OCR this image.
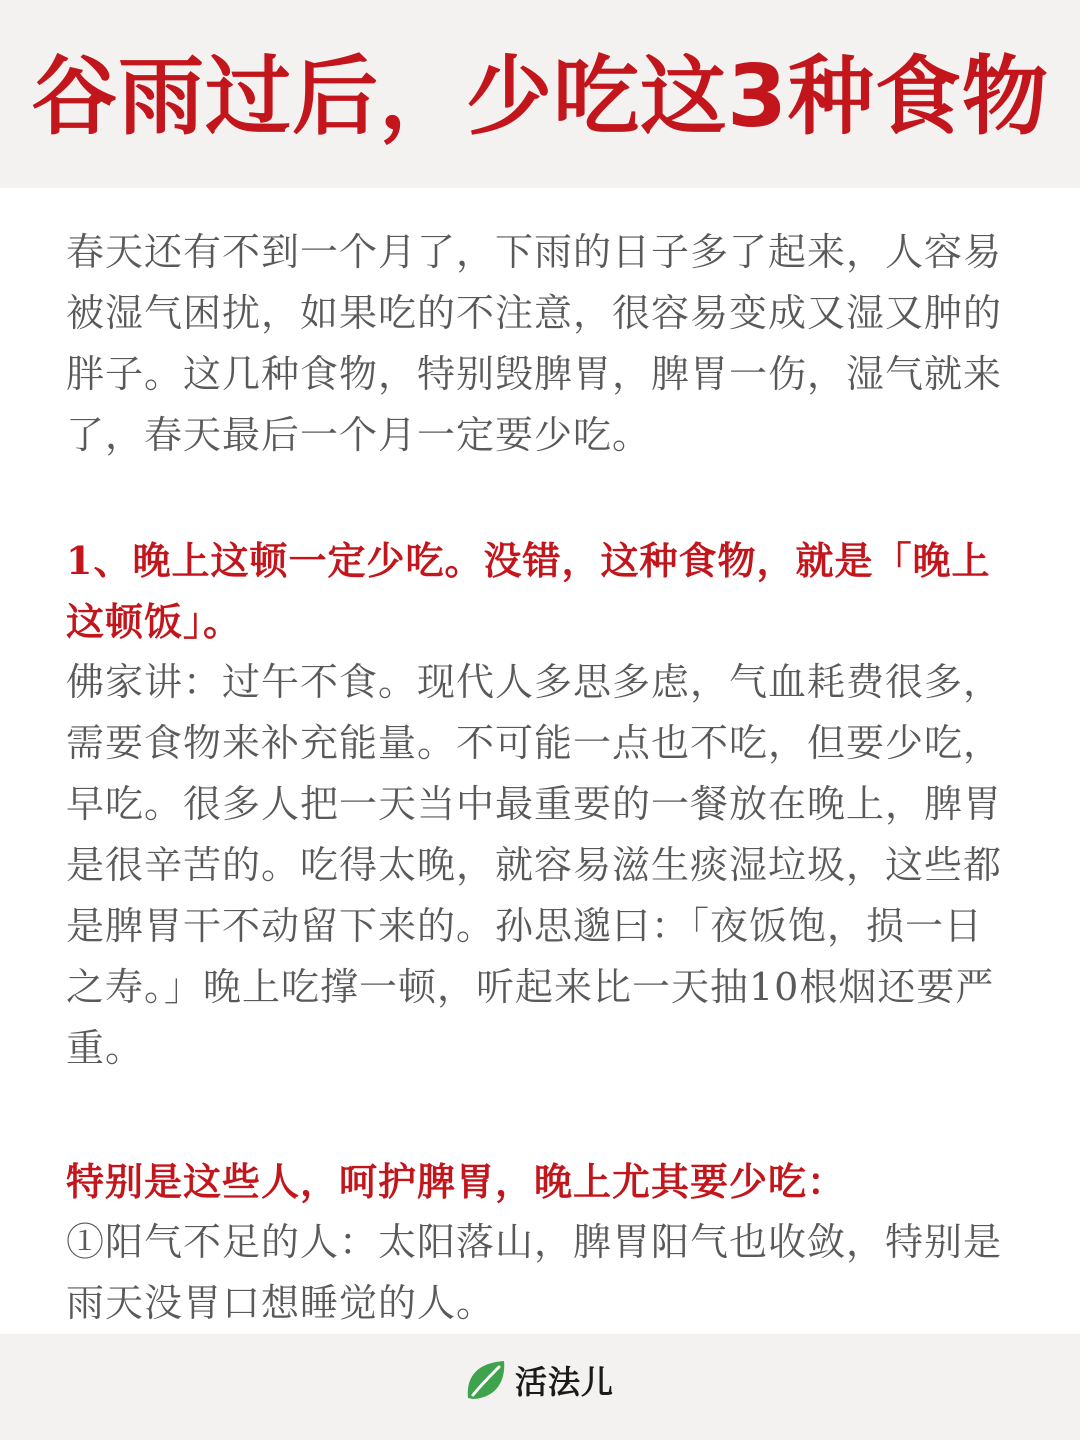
谷雨过后，少吃这3种食物

春天还有不到一个月了，下雨的日子多了起来，人容易被湿气困扰，如果吃的不注意，很容易变成又湿又肿的胖子。这几种食物，特别毁脾胃，脾胃一伤，湿气就来了，春天最后一个月一定要少吃。

1、晚上这顿一定少吃。没错，这种食物，就是「晚上这顿饭」。

佛家讲：过午不食。现代人多思多虑，气血耗费很多，需要食物来补充能量。不可能一点也不吃，但要少吃，早吃。很多人把一天当中最重要的一餐放在晚上，脾胃是很辛苦的。吃得太晚，就容易滋生痰湿垃圾，这些都是脾胃干不动留下来的。孙思邈曰：「夜饭饱，损一日之寿。」晚上吃撑一顿，听起来比一天抽10根烟还要严重。

特别是这些人，呵护脾胃，晚上尤其要少吃：

①阳气不足的人：太阳落山，脾胃阳气也收敛，特别是雨天没胃口想睡觉的人。

活法儿
